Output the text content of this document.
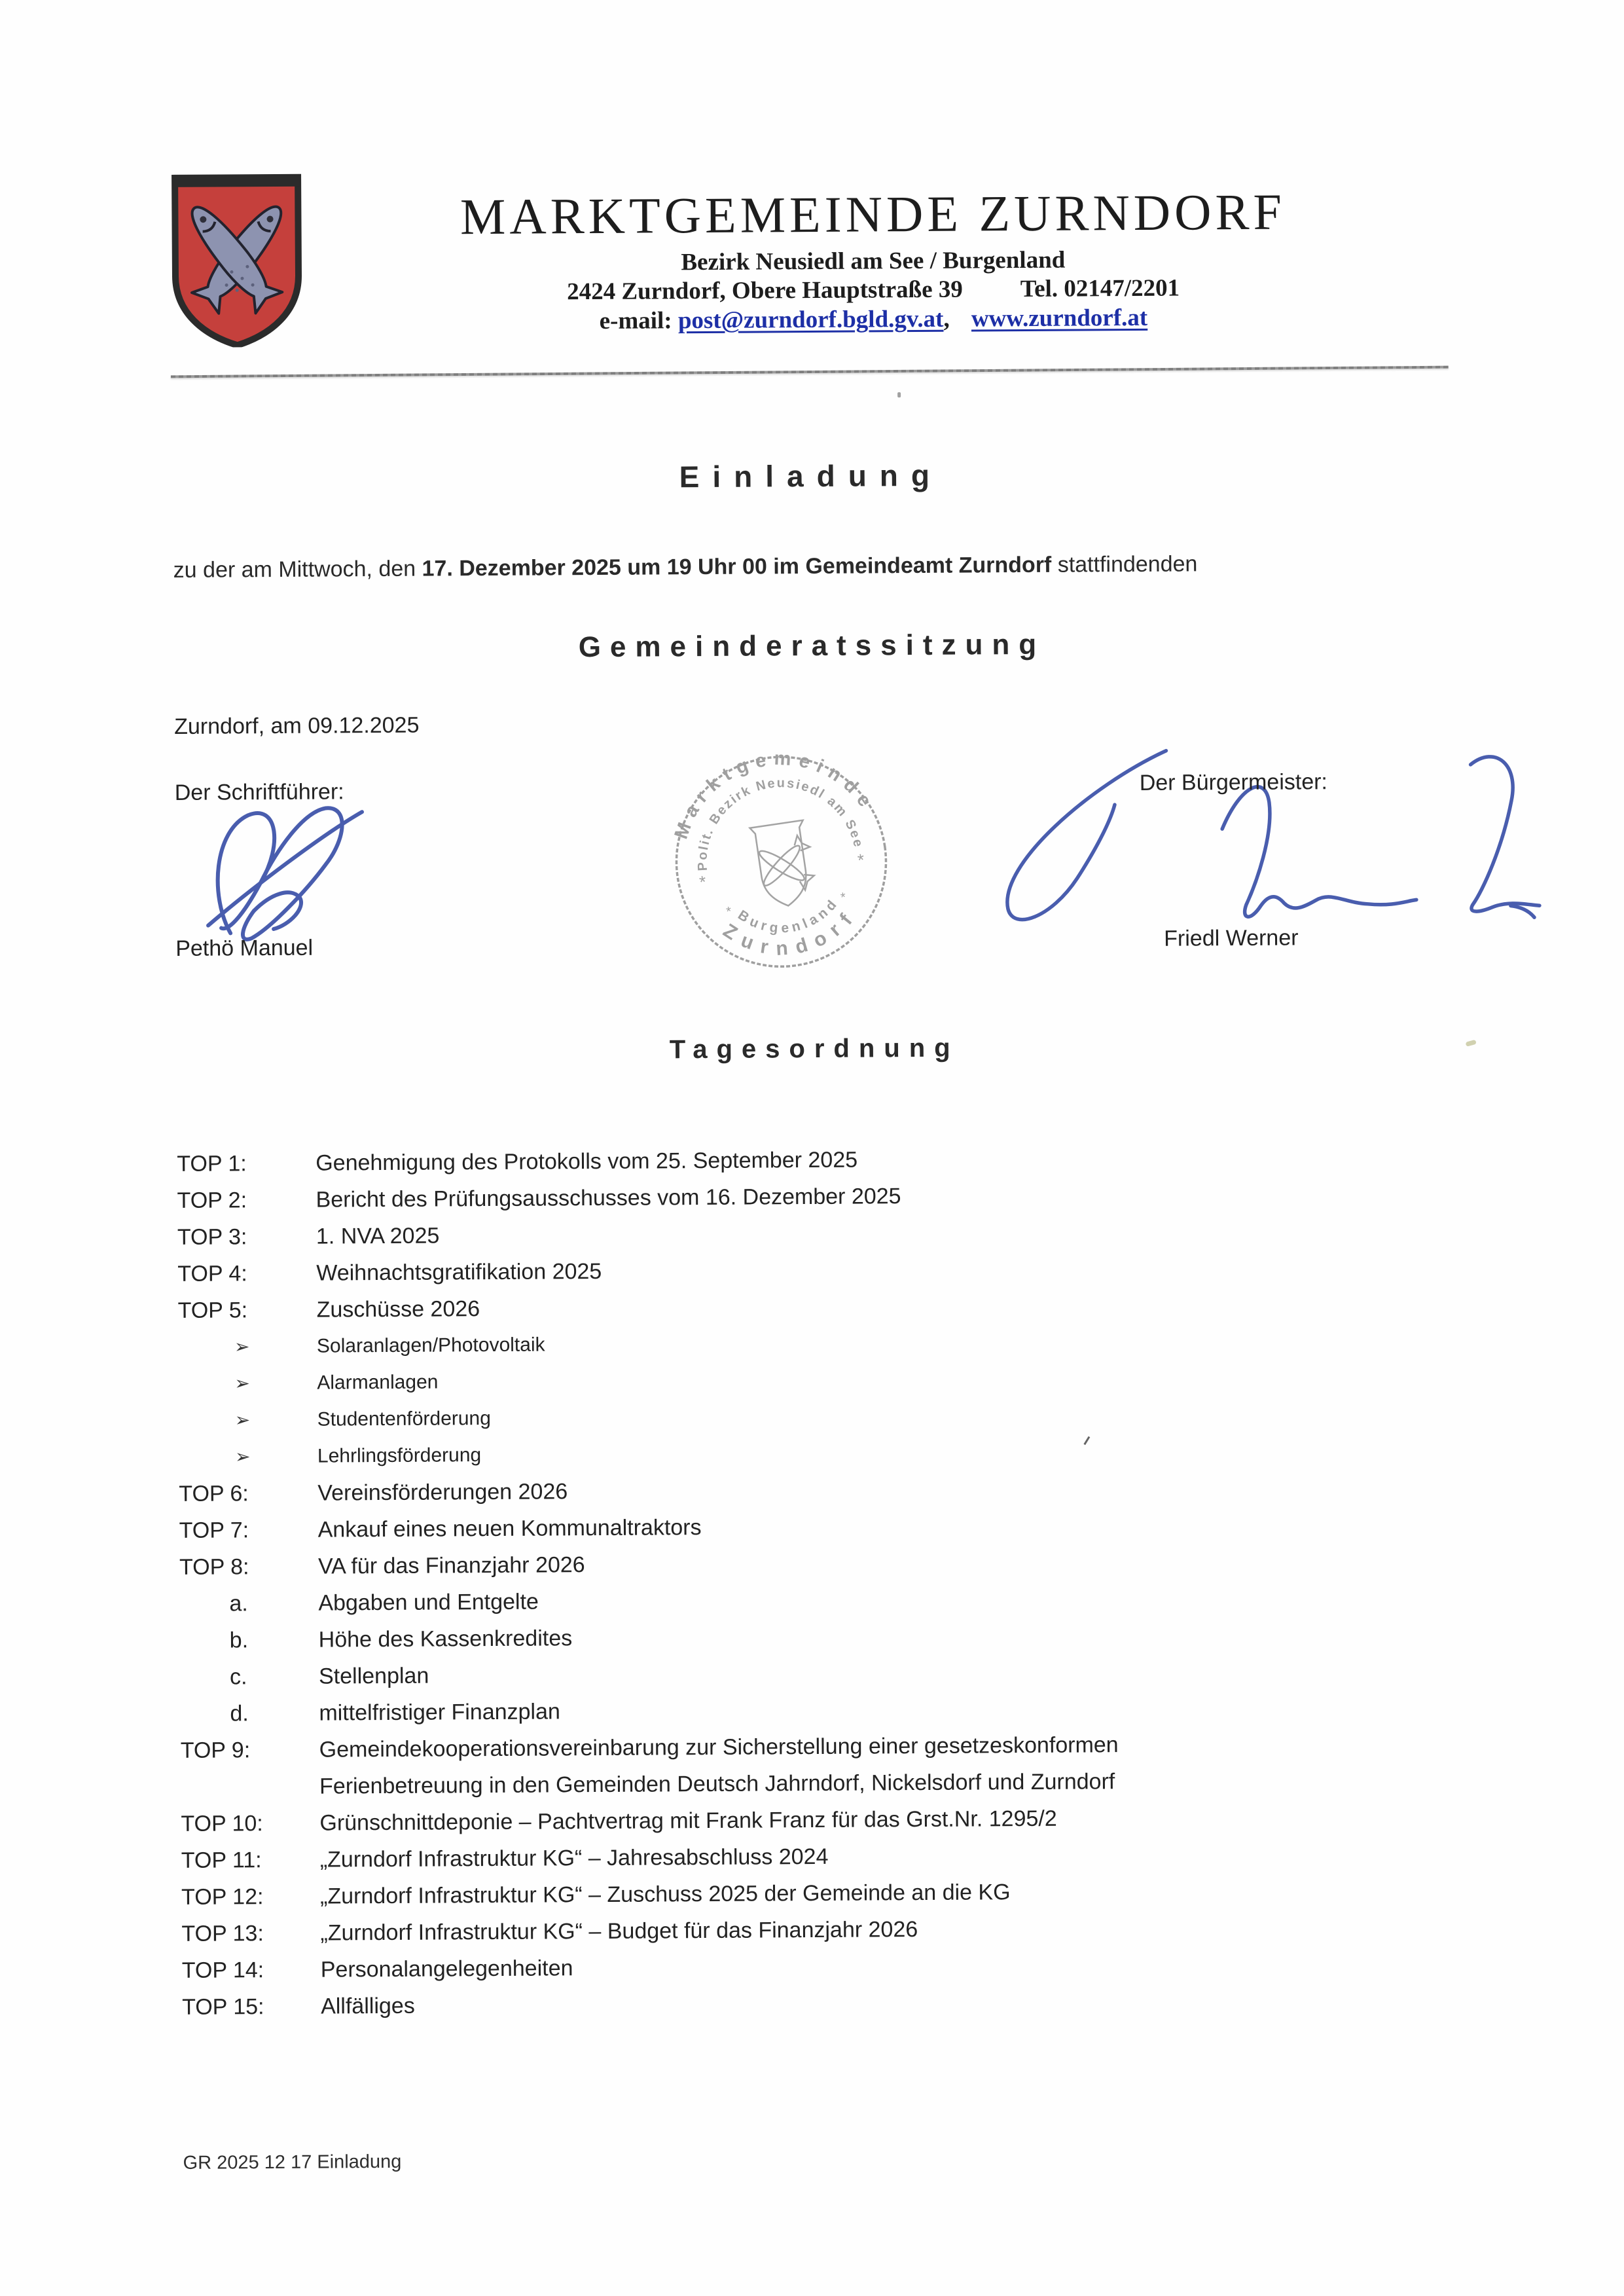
MARKTGEMEINDE ZURNDORF
Bezirk Neusiedl am See / Burgenland
2424 Zurndorf, Obere Hauptstraße 39 Tel. 02147/2201
e-mail: post@zurndorf.bgld.gv.at, www.zurndorf.at
Einladung
zu der am Mittwoch, den 17. Dezember 2025 um 19 Uhr 00 im Gemeindeamt Zurndorf stattfindenden
Gemeinderatssitzung
Zurndorf, am 09.12.2025
Der Schriftführer:
Pethö Manuel
Der Bürgermeister:
Friedl Werner
Marktgemeinde
Polit. Bezirk Neusiedl am See
Burgenland
Zurndorf
*
*
*
*
Tagesordnung
TOP 1:	Genehmigung des Protokolls vom 25. September 2025
TOP 2:	Bericht des Prüfungsausschusses vom 16. Dezember 2025
TOP 3:	1. NVA 2025
TOP 4:	Weihnachtsgratifikation 2025
TOP 5:	Zuschüsse 2026
➢	Solaranlagen/Photovoltaik
➢	Alarmanlagen
➢	Studentenförderung
➢	Lehrlingsförderung
TOP 6:	Vereinsförderungen 2026
TOP 7:	Ankauf eines neuen Kommunaltraktors
TOP 8:	VA für das Finanzjahr 2026
a.	Abgaben und Entgelte
b.	Höhe des Kassenkredites
c.	Stellenplan
d.	mittelfristiger Finanzplan
TOP 9:	Gemeindekooperationsvereinbarung zur Sicherstellung einer gesetzeskonformen
Ferienbetreuung in den Gemeinden Deutsch Jahrndorf, Nickelsdorf und Zurndorf
TOP 10:	Grünschnittdeponie – Pachtvertrag mit Frank Franz für das Grst.Nr. 1295/2
TOP 11:	„Zurndorf Infrastruktur KG“ – Jahresabschluss 2024
TOP 12:	„Zurndorf Infrastruktur KG“ – Zuschuss 2025 der Gemeinde an die KG
TOP 13:	„Zurndorf Infrastruktur KG“ – Budget für das Finanzjahr 2026
TOP 14:	Personalangelegenheiten
TOP 15:	Allfälliges
GR 2025 12 17 Einladung
